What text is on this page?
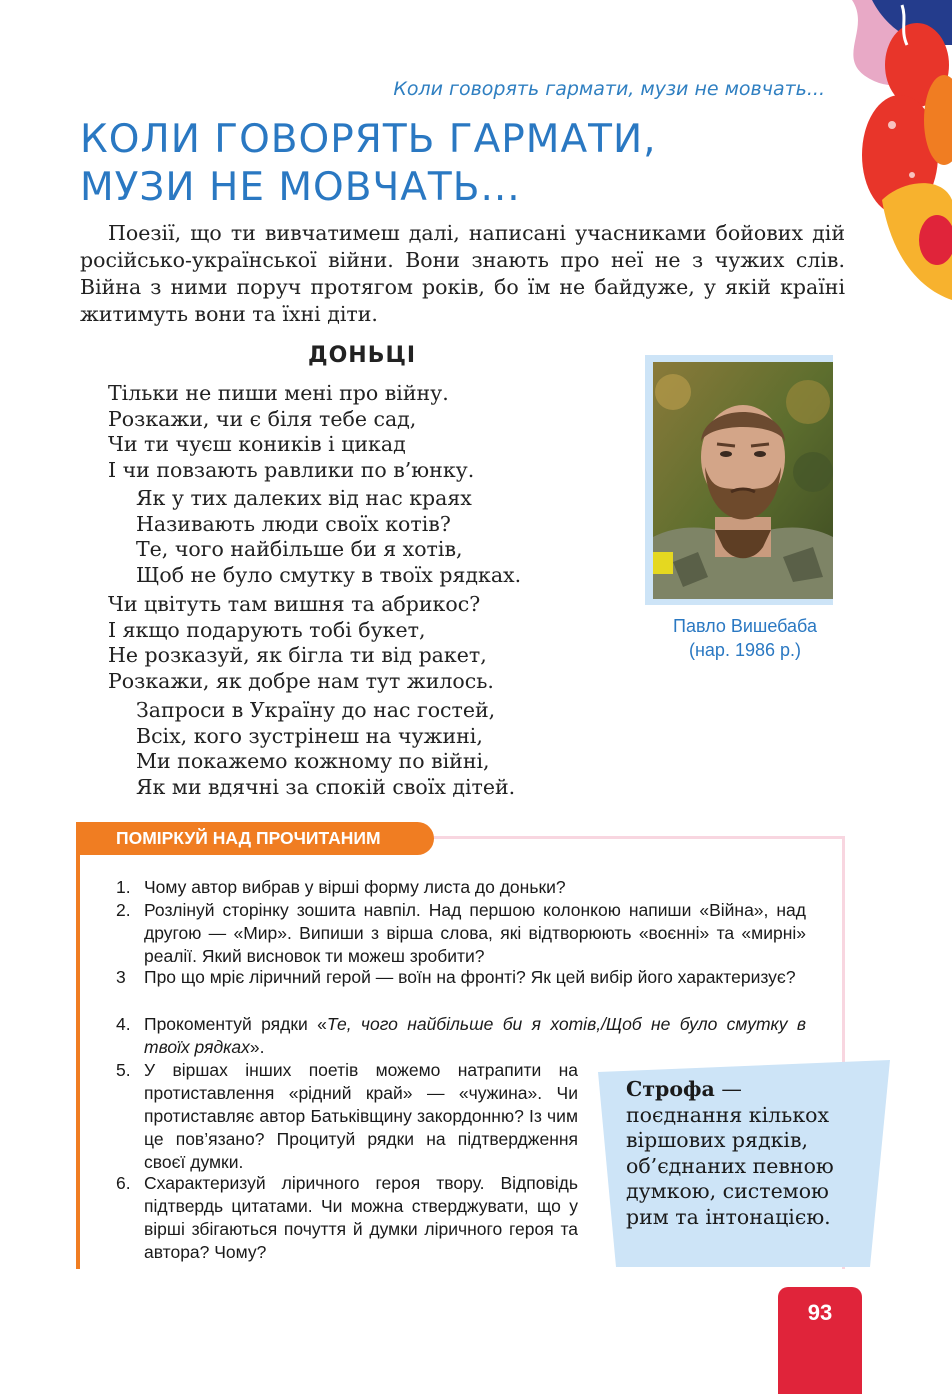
Коли говорять гармати, музи не мовчать...
КОЛИ ГОВОРЯТЬ ГАРМАТИ,
МУЗИ НЕ МОВЧАТЬ...

Поезії, що ти вивчатимеш далі, написані учасниками бойових дій російсько-української війни. Вони знають про неї не з чужих слів. Війна з ними поруч протягом років, бо їм не байдуже, у якій країні житимуть вони та їхні діти.

ДОНЬЦІ
Тільки не пиши мені про війну.
Розкажи, чи є біля тебе сад,
Чи ти чуєш коників і цикад
І чи повзають равлики по в’юнку.
Як у тих далеких від нас краях
Називають люди своїх котів?
Те, чого найбільше би я хотів,
Щоб не було смутку в твоїх рядках.
Чи цвітуть там вишня та абрикос?
І якщо подарують тобі букет,
Не розказуй, як бігла ти від ракет,
Розкажи, як добре нам тут жилось.
Запроси в Україну до нас гостей,
Всіх, кого зустрінеш на чужині,
Ми покажемо кожному по війні,
Як ми вдячні за спокій своїх дітей.
Павло Вишебаба
(нар. 1986 р.)
ПОМІРКУЙ НАД ПРОЧИТАНИМ
1. Чому автор вибрав у вірші форму листа до доньки?
2. Розлінуй сторінку зошита навпіл. Над першою колонкою напиши «Війна», над другою — «Мир». Випиши з вірша слова, які відтворюють «воєнні» та «мирні» реалії. Який висновок ти можеш зробити?
3	Про що мріє ліричний герой — воїн на фронті? Як цей вибір його характеризує?
4. Прокоментуй рядки «Те, чого найбільше би я хотів,/Щоб не було смутку в твоїх рядках».
5. У віршах інших поетів можемо натрапити на протиставлення «рідний край» — «чужина». Чи протиставляє автор Батьківщину закордонню? Із чим це пов’язано? Процитуй рядки на підтвердження своєї думки.
6. Схарактеризуй ліричного героя твору. Відповідь підтвердь цитатами. Чи можна стверджувати, що у вірші збігаються почуття й думки ліричного героя та автора? Чому?
Строфа —
поєднання кількох віршових рядків, об’єднаних певною думкою, системою рим та інтонацією.
93
